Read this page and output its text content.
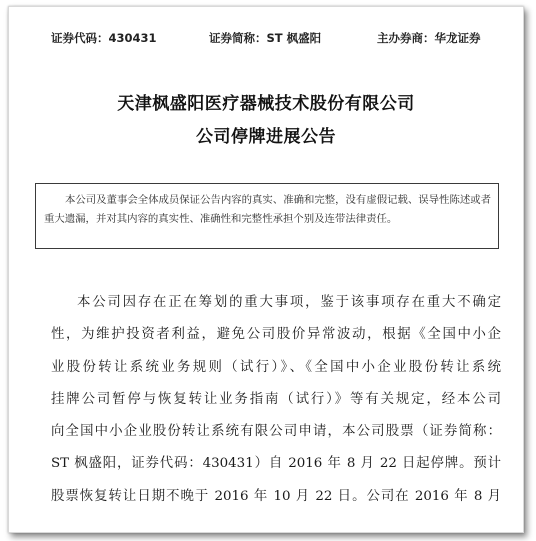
证券代码：430431	证券简称：ST 枫盛阳	主办券商：华龙证券
天津枫盛阳医疗器械技术股份有限公司
公司停牌进展公告
本公司及董事会全体成员保证公告内容的真实、准确和完整，没有虚假记载、误导性陈述或者重大遗漏，并对其内容的真实性、准确性和完整性承担个别及连带法律责任。
本公司因存在正在筹划的重大事项，鉴于该事项存在重大不确定
性，为维护投资者利益，避免公司股价异常波动，根据《全国中小企
业股份转让系统业务规则（试行）》、《全国中小企业股份转让系统
挂牌公司暂停与恢复转让业务指南（试行）》等有关规定，经本公司
向全国中小企业股份转让系统有限公司申请，本公司股票（证券简称：
ST 枫盛阳，证券代码：430431）自 2016 年 8 月 22 日起停牌。预计
股票恢复转让日期不晚于 2016 年 10 月 22 日。公司在 2016 年 8 月
